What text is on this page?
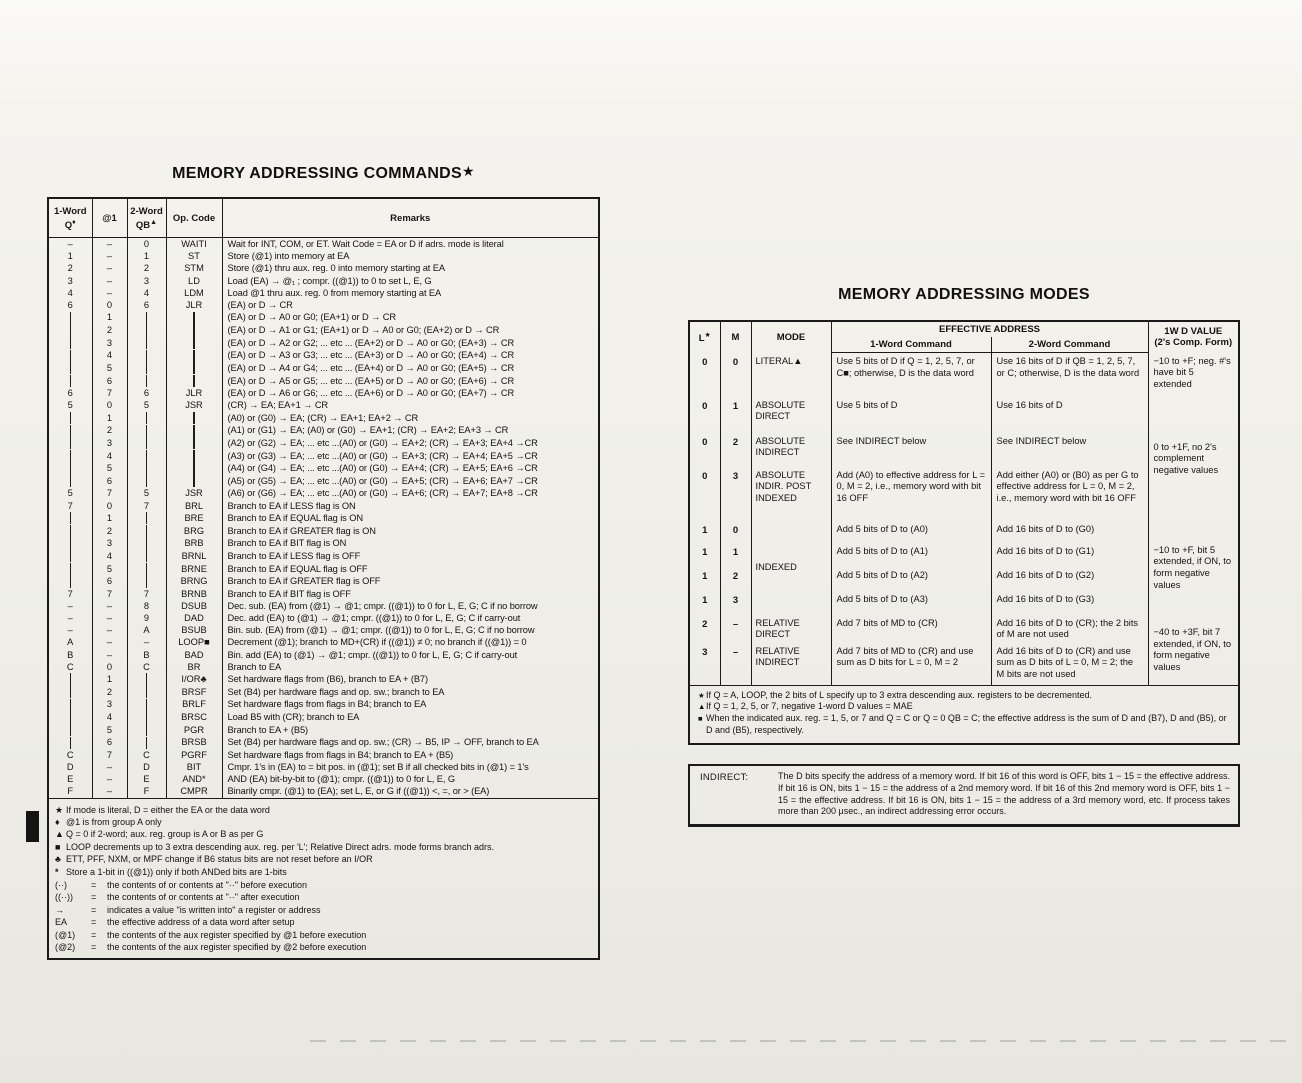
MEMORY ADDRESSING COMMANDS★
1-Word
Q♦	@1	2-Word
QB▲	Op. Code	Remarks
–	–	0	WAITI	Wait for INT, COM, or ET. Wait Code = EA or D if adrs. mode is literal
1	–	1	ST	Store (@1) into memory at EA
2	–	2	STM	Store (@1) thru aux. reg. 0 into memory starting at EA
3	–	3	LD	Load (EA) → @₁ ; compr. ((@1)) to 0 to set L, E, G
4	–	4	LDM	Load @1 thru aux. reg. 0 from memory starting at EA
6	0	6	JLR	(EA) or D → CR
	1			(EA) or D → A0 or G0; (EA+1) or D → CR
	2			(EA) or D → A1 or G1; (EA+1) or D → A0 or G0; (EA+2) or D → CR
	3			(EA) or D → A2 or G2; ... etc ... (EA+2) or D → A0 or G0; (EA+3) → CR
	4			(EA) or D → A3 or G3; ... etc ... (EA+3) or D → A0 or G0; (EA+4) → CR
	5			(EA) or D → A4 or G4; ... etc ... (EA+4) or D → A0 or G0; (EA+5) → CR
	6			(EA) or D → A5 or G5; ... etc ... (EA+5) or D → A0 or G0; (EA+6) → CR
6	7	6	JLR	(EA) or D → A6 or G6; ... etc ... (EA+6) or D → A0 or G0; (EA+7) → CR
5	0	5	JSR	(CR) → EA; EA+1 → CR
	1			(A0) or (G0) → EA; (CR) → EA+1; EA+2 → CR
	2			(A1) or (G1) → EA; (A0) or (G0) → EA+1; (CR) → EA+2; EA+3 → CR
	3			(A2) or (G2) → EA; ... etc ...(A0) or (G0) → EA+2; (CR) → EA+3; EA+4 →CR
	4			(A3) or (G3) → EA; ... etc ...(A0) or (G0) → EA+3; (CR) → EA+4; EA+5 →CR
	5			(A4) or (G4) → EA; ... etc ...(A0) or (G0) → EA+4; (CR) → EA+5; EA+6 →CR
	6			(A5) or (G5) → EA; ... etc ...(A0) or (G0) → EA+5; (CR) → EA+6; EA+7 →CR
5	7	5	JSR	(A6) or (G6) → EA; ... etc ...(A0) or (G0) → EA+6; (CR) → EA+7; EA+8 →CR
7	0	7	BRL	Branch to EA if LESS flag is ON
	1		BRE	Branch to EA if EQUAL flag is ON
	2		BRG	Branch to EA if GREATER flag is ON
	3		BRB	Branch to EA if BIT flag is ON
	4		BRNL	Branch to EA if LESS flag is OFF
	5		BRNE	Branch to EA if EQUAL flag is OFF
	6		BRNG	Branch to EA if GREATER flag is OFF
7	7	7	BRNB	Branch to EA if BIT flag is OFF
–	–	8	DSUB	Dec. sub. (EA) from (@1) → @1; cmpr. ((@1)) to 0 for L, E, G; C if no borrow
–	–	9	DAD	Dec. add (EA) to (@1) → @1; cmpr. ((@1)) to 0 for L, E, G; C if carry-out
–	–	A	BSUB	Bin. sub. (EA) from (@1) → @1; cmpr. ((@1)) to 0 for L, E, G; C if no borrow
A	–	–	LOOP■	Decrement (@1); branch to MD+(CR) if ((@1)) ≠ 0; no branch if ((@1)) = 0
B	–	B	BAD	Bin. add (EA) to (@1) → @1; cmpr. ((@1)) to 0 for L, E, G; C if carry-out
C	0	C	BR	Branch to EA
	1		I/OR♣	Set hardware flags from (B6), branch to EA + (B7)
	2		BRSF	Set (B4) per hardware flags and op. sw.; branch to EA
	3		BRLF	Set hardware flags from flags in B4; branch to EA
	4		BRSC	Load B5 with (CR); branch to EA
	5		PGR	Branch to EA + (B5)
	6		BRSB	Set (B4) per hardware flags and op. sw.; (CR) → B5, IP → OFF, branch to EA
C	7	C	PGRF	Set hardware flags from flags in B4; branch to EA + (B5)
D	–	D	BIT	Cmpr. 1's in (EA) to = bit pos. in (@1); set B if all checked bits in (@1) = 1's
E	–	E	AND*	AND (EA) bit-by-bit to (@1); cmpr. ((@1)) to 0 for L, E, G
F	–	F	CMPR	Binarily cmpr. (@1) to (EA); set L, E, or G if ((@1)) <, =, or > (EA)
★ If mode is literal, D = either the EA or the data word
♦ @1 is from group A only
▲ Q = 0 if 2-word; aux. reg. group is A or B as per G
■ LOOP decrements up to 3 extra descending aux. reg. per 'L'; Relative Direct adrs. mode forms branch adrs.
♣ ETT, PFF, NXM, or MPF change if B6 status bits are not reset before an I/OR
* Store a 1-bit in ((@1)) only if both ANDed bits are 1-bits
(··)	=	the contents of or contents at "··" before execution
((··))	=	the contents of or contents at "··" after execution
→	=	indicates a value "is written into" a register or address
EA	=	the effective address of a data word after setup
(@1)	=	the contents of the aux register specified by @1 before execution
(@2)	=	the contents of the aux register specified by @2 before execution
MEMORY ADDRESSING MODES
L★	M	MODE	EFFECTIVE ADDRESS		1W D VALUE
(2's Comp. Form)
			1-Word Command	2-Word Command	
0	0	LITERAL▲	Use 5 bits of D if Q = 1, 2, 5, 7, or C■; otherwise, D is the data word	Use 16 bits of D if QB = 1, 2, 5, 7, or C; otherwise, D is the data word	−10 to +F; neg. #'s have bit 5 extended
0	1	ABSOLUTE DIRECT	Use 5 bits of D	Use 16 bits of D	0 to +1F, no 2's complement negative values
0	2	ABSOLUTE INDIRECT	See INDIRECT below	See INDIRECT below	
0	3	ABSOLUTE INDIR. POST INDEXED	Add (A0) to effective address for L = 0, M = 2, i.e., memory word with bit 16 OFF	Add either (A0) or (B0) as per G to effective address for L = 0, M = 2, i.e., memory word with bit 16 OFF	
1	0	INDEXED	Add 5 bits of D to (A0)	Add 16 bits of D to (G0)	−10 to +F, bit 5 extended, if ON, to form negative values
1	1		Add 5 bits of D to (A1)	Add 16 bits of D to (G1)	
1	2		Add 5 bits of D to (A2)	Add 16 bits of D to (G2)	
1	3		Add 5 bits of D to (A3)	Add 16 bits of D to (G3)	
2	–	RELATIVE DIRECT	Add 7 bits of MD to (CR)	Add 16 bits of D to (CR); the 2 bits of M are not used	−40 to +3F, bit 7 extended, if ON, to form negative values
3	–	RELATIVE INDIRECT	Add 7 bits of MD to (CR) and use sum as D bits for L = 0, M = 2	Add 16 bits of D to (CR) and use sum as D bits of L = 0, M = 2; the M bits are not used	
★ If Q = A, LOOP, the 2 bits of L specify up to 3 extra descending aux. registers to be decremented.
▲ If Q = 1, 2, 5, or 7, negative 1-word D values = MAE
■ When the indicated aux. reg. = 1, 5, or 7 and Q = C or Q = 0 QB = C; the effective address is the sum of D and (B7), D and (B5), or D and (B5), respectively.
INDIRECT:	The D bits specify the address of a memory word. If bit 16 of this word is OFF, bits 1 − 15 = the effective address. If bit 16 is ON, bits 1 − 15 = the address of a 2nd memory word. If bit 16 of this 2nd memory word is OFF, bits 1 − 15 = the effective address. If bit 16 is ON, bits 1 − 15 = the address of a 3rd memory word, etc. If process takes more than 200 μsec., an indirect addressing error occurs.
